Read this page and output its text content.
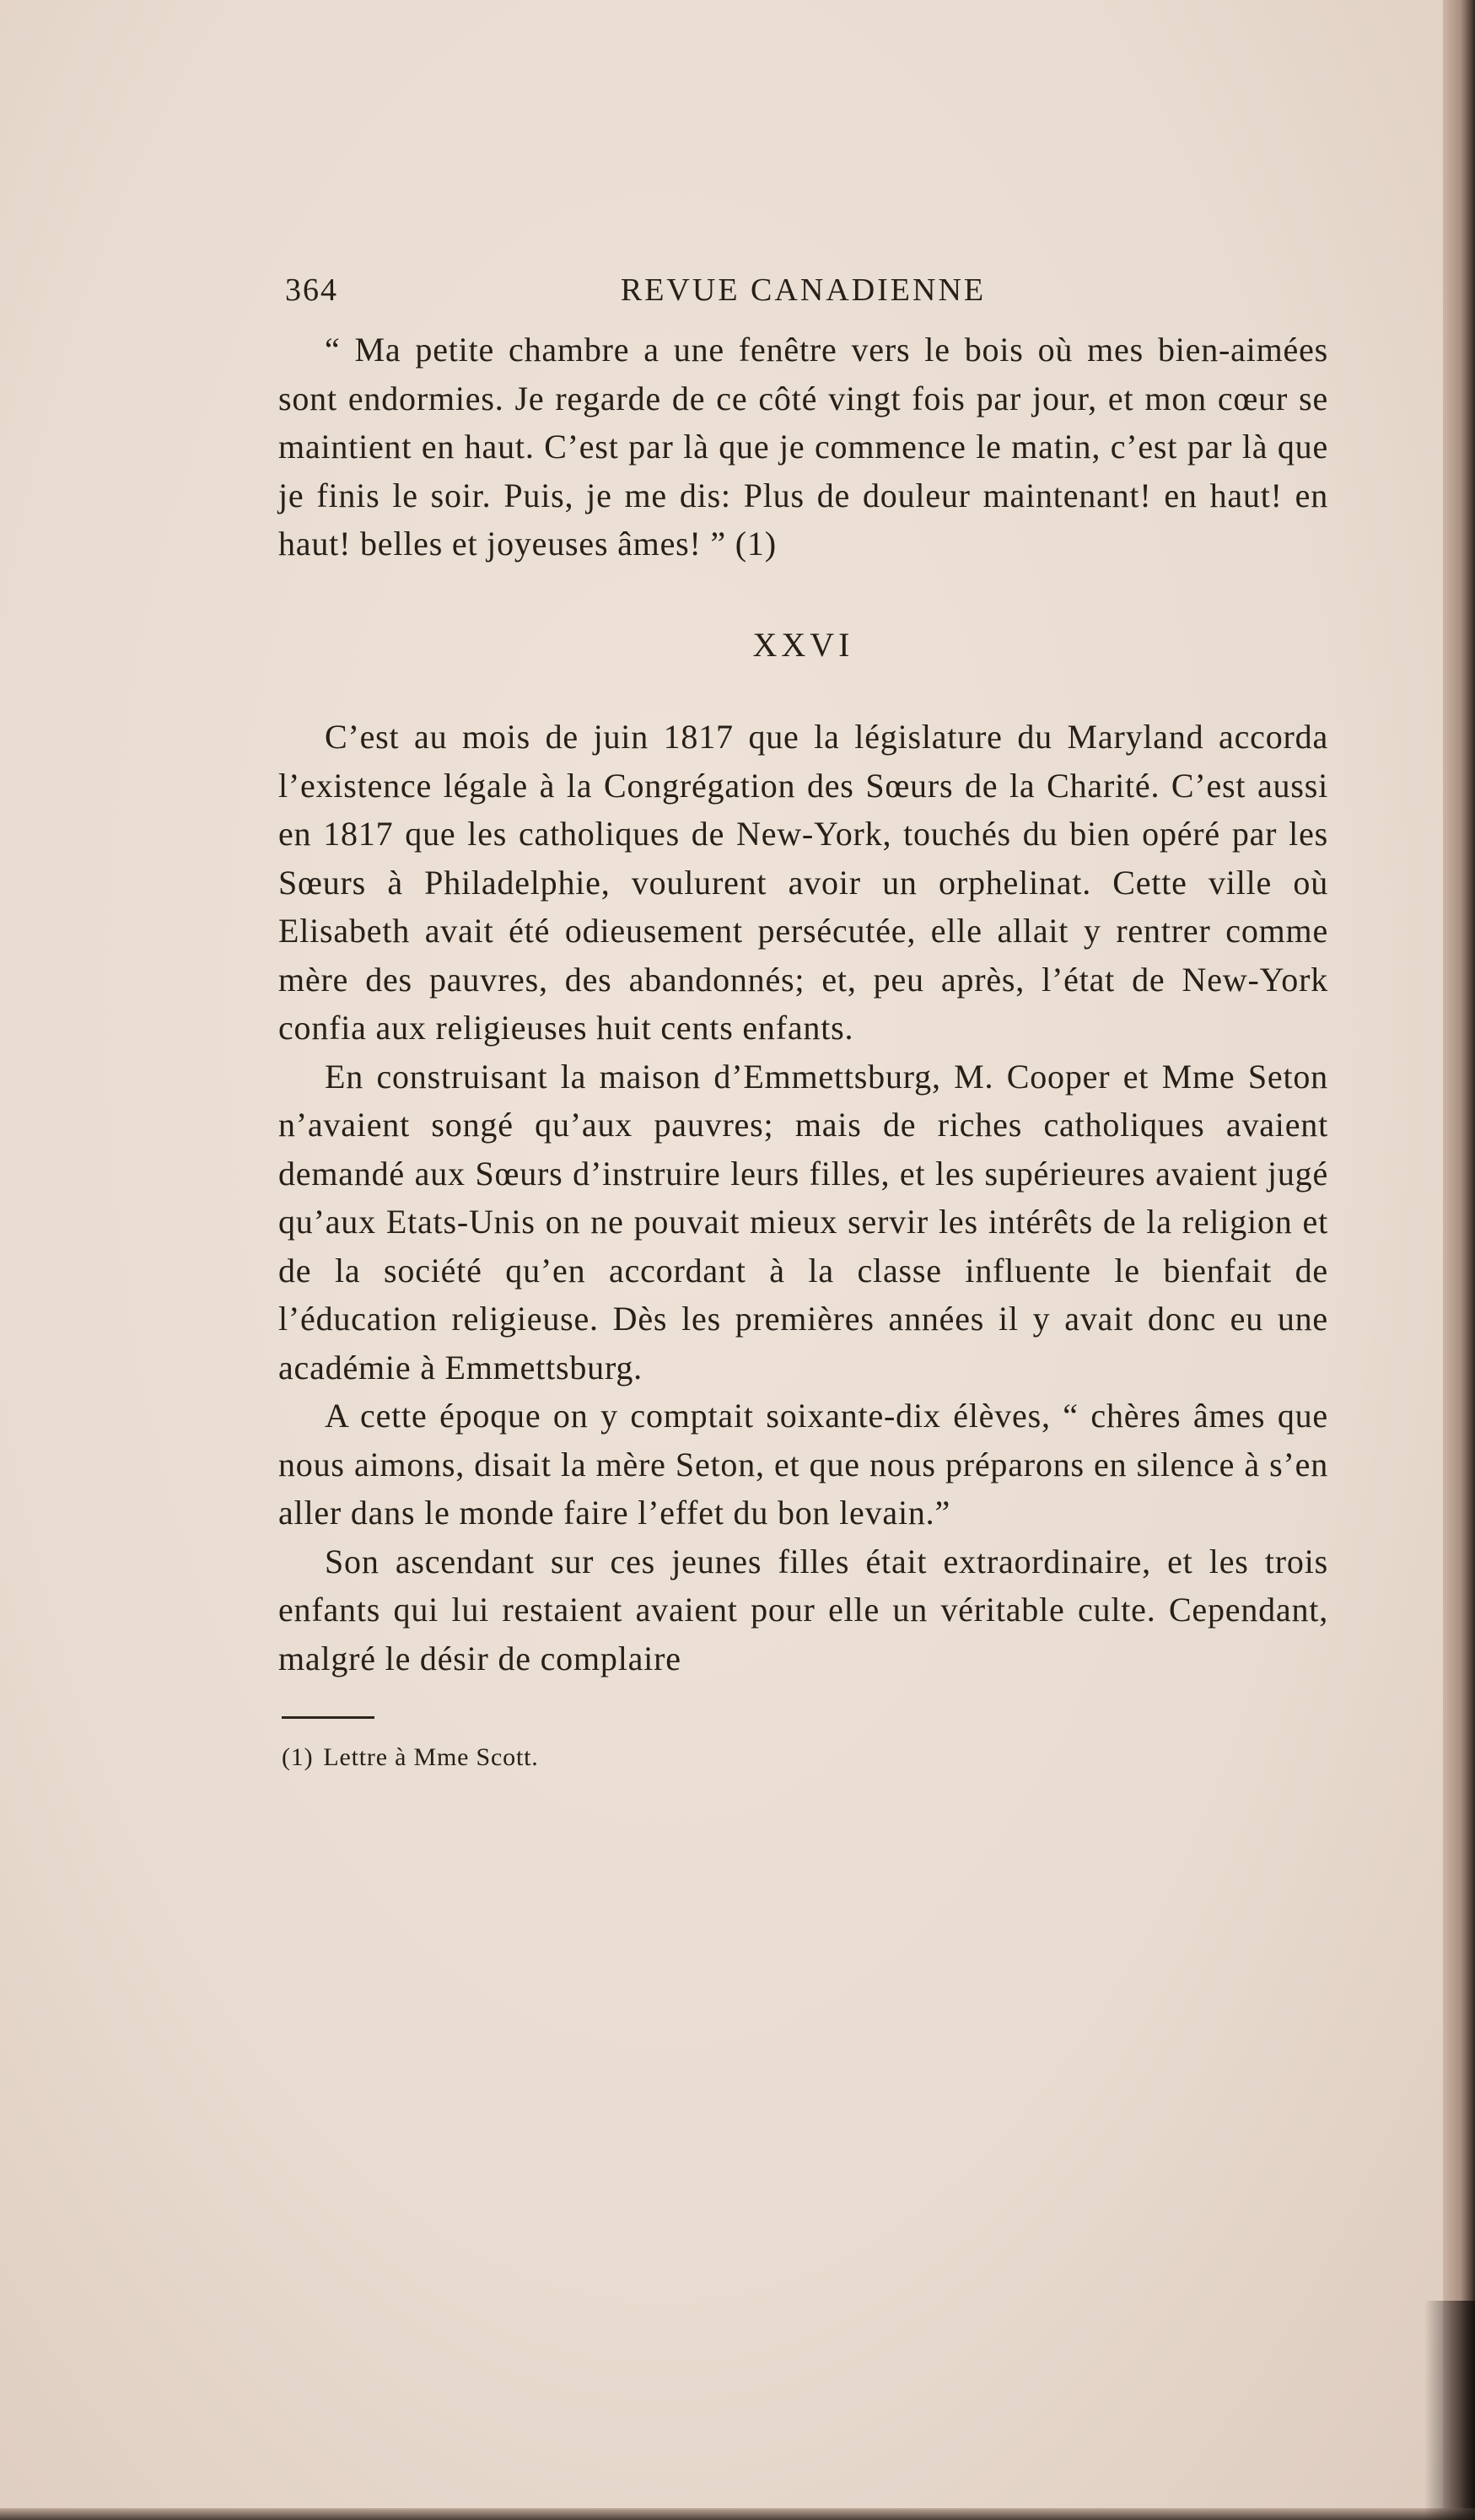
364	REVUE CANADIENNE

“ Ma petite chambre a une fenêtre vers le bois où mes bien-aimées sont endormies. Je regarde de ce côté vingt fois par jour, et mon cœur se maintient en haut. C’est par là que je commence le matin, c’est par là que je finis le soir. Puis, je me dis: Plus de douleur maintenant! en haut! en haut! belles et joyeuses âmes! ” (1)

XXVI

C’est au mois de juin 1817 que la législature du Maryland accorda l’existence légale à la Congrégation des Sœurs de la Charité. C’est aussi en 1817 que les catholiques de New-York, touchés du bien opéré par les Sœurs à Philadelphie, voulurent avoir un orphelinat. Cette ville où Elisabeth avait été odieusement persécutée, elle allait y rentrer comme mère des pauvres, des abandonnés; et, peu après, l’état de New-York confia aux religieuses huit cents enfants.

En construisant la maison d’Emmettsburg, M. Cooper et Mme Seton n’avaient songé qu’aux pauvres; mais de riches catholiques avaient demandé aux Sœurs d’instruire leurs filles, et les supérieures avaient jugé qu’aux Etats-Unis on ne pouvait mieux servir les intérêts de la religion et de la société qu’en accordant à la classe influente le bienfait de l’éducation religieuse. Dès les premières années il y avait donc eu une académie à Emmettsburg.

A cette époque on y comptait soixante-dix élèves, “ chères âmes que nous aimons, disait la mère Seton, et que nous préparons en silence à s’en aller dans le monde faire l’effet du bon levain.”

Son ascendant sur ces jeunes filles était extraordinaire, et les trois enfants qui lui restaient avaient pour elle un véritable culte. Cependant, malgré le désir de complaire

(1) Lettre à Mme Scott.
